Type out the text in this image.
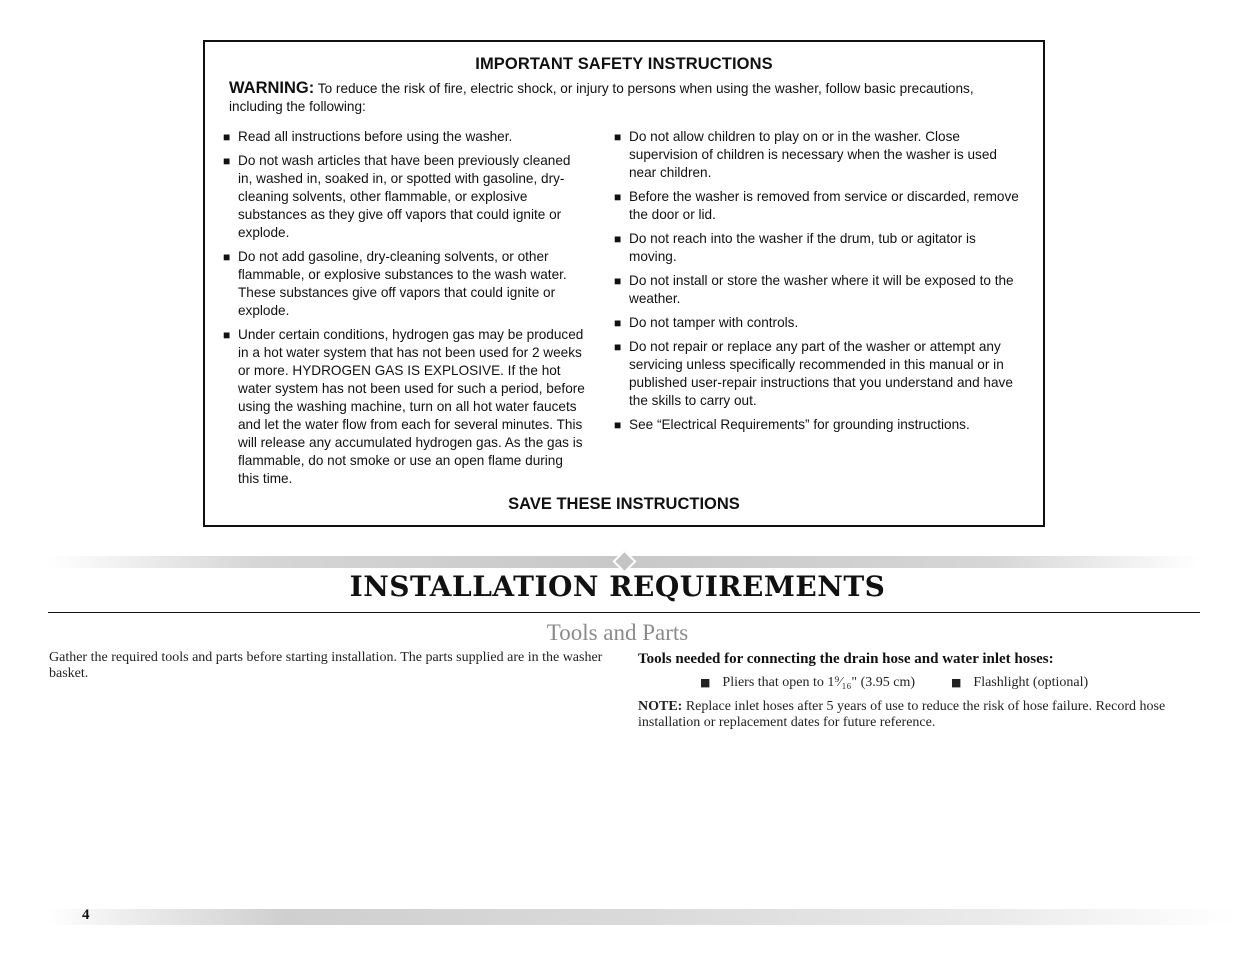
IMPORTANT SAFETY INSTRUCTIONS
WARNING: To reduce the risk of fire, electric shock, or injury to persons when using the washer, follow basic precautions, including the following:
■ Read all instructions before using the washer.
■ Do not wash articles that have been previously cleaned in, washed in, soaked in, or spotted with gasoline, dry-cleaning solvents, other flammable, or explosive substances as they give off vapors that could ignite or explode.
■ Do not add gasoline, dry-cleaning solvents, or other flammable, or explosive substances to the wash water. These substances give off vapors that could ignite or explode.
■ Under certain conditions, hydrogen gas may be produced in a hot water system that has not been used for 2 weeks or more. HYDROGEN GAS IS EXPLOSIVE. If the hot water system has not been used for such a period, before using the washing machine, turn on all hot water faucets and let the water flow from each for several minutes. This will release any accumulated hydrogen gas. As the gas is flammable, do not smoke or use an open flame during this time.
■ Do not allow children to play on or in the washer. Close supervision of children is necessary when the washer is used near children.
■ Before the washer is removed from service or discarded, remove the door or lid.
■ Do not reach into the washer if the drum, tub or agitator is moving.
■ Do not install or store the washer where it will be exposed to the weather.
■ Do not tamper with controls.
■ Do not repair or replace any part of the washer or attempt any servicing unless specifically recommended in this manual or in published user-repair instructions that you understand and have the skills to carry out.
■ See “Electrical Requirements” for grounding instructions.
SAVE THESE INSTRUCTIONS
INSTALLATION REQUIREMENTS
Tools and Parts
Gather the required tools and parts before starting installation. The parts supplied are in the washer basket.
Tools needed for connecting the drain hose and water inlet hoses:
■ Pliers that open to 1⁹⁄₁₆" (3.95 cm)	■ Flashlight (optional)
NOTE: Replace inlet hoses after 5 years of use to reduce the risk of hose failure. Record hose installation or replacement dates for future reference.
4
